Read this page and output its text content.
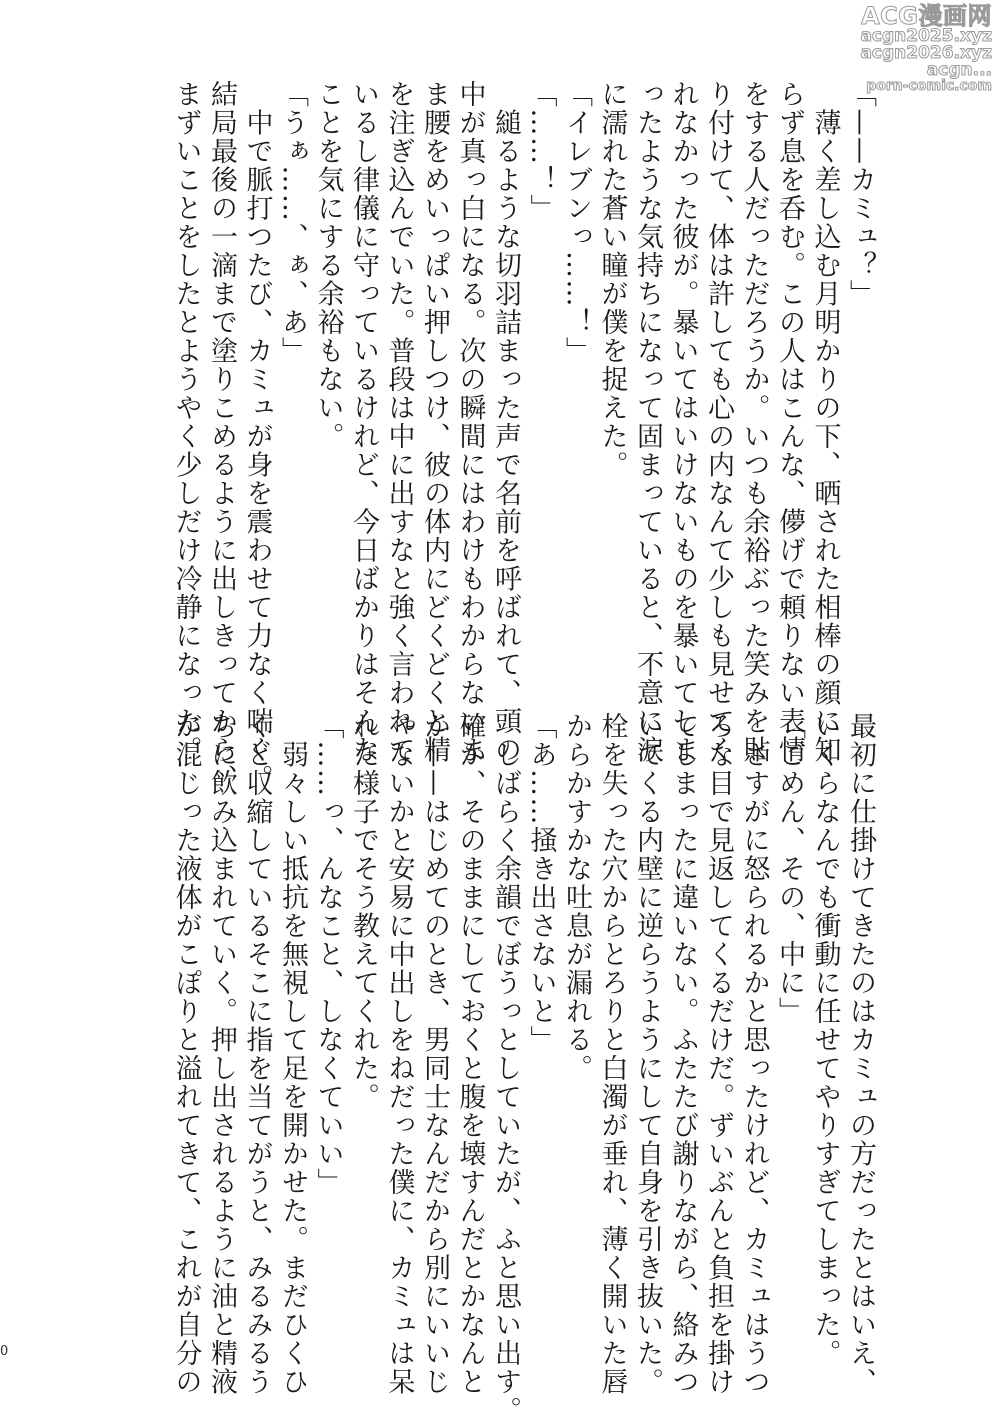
ACG漫画网
acgn2025.xyz
acgn2026.xyz
acgn...
porn-comic.com

「——カミュ？」

　薄く差し込む月明かりの下、晒された相棒の顔に知

らず息を呑む。この人はこんな、儚げで頼りない表情

をする人だっただろうか。いつも余裕ぶった笑みを貼

り付けて、体は許しても心の内なんて少しも見せてく

れなかった彼が。暴いてはいけないものを暴いてしま

ったような気持ちになって固まっていると、不意に涙

に濡れた蒼い瞳が僕を捉えた。

「イレブンっ……！」

「……！」

　縋るような切羽詰まった声で名前を呼ばれて、頭の

中が真っ白になる。次の瞬間にはわけもわからないま

ま腰をめいっぱい押しつけ、彼の体内にどくどくと精

を注ぎ込んでいた。普段は中に出すなと強く言われて

いるし律儀に守っているけれど、今日ばかりはそんな

ことを気にする余裕もない。

「うぁ……、ぁ、あ」

　中で脈打つたび、カミュが身を震わせて力なく喘ぐ。

結局最後の一滴まで塗りこめるように出しきってから、

まずいことをしたとようやく少しだけ冷静になった。

最初に仕掛けてきたのはカミュの方だったとはいえ、

いくらなんでも衝動に任せてやりすぎてしまった。

「ごめん、その、中に」

　さすがに怒られるかと思ったけれど、カミュはうつ

ろな目で見返してくるだけだ。ずいぶんと負担を掛け

てしまったに違いない。ふたたび謝りながら、絡みつ

いてくる内壁に逆らうようにして自身を引き抜いた。

栓を失った穴からとろりと白濁が垂れ、薄く開いた唇

からかすかな吐息が漏れる。

「あ……掻き出さないと」

　しばらく余韻でぼうっとしていたが、ふと思い出す。

確か、そのままにしておくと腹を壊すんだとかなんと

か——はじめてのとき、男同士なんだから別にいいじ

ゃないかと安易に中出しをねだった僕に、カミュは呆

れた様子でそう教えてくれた。

「……っ、んなこと、しなくていい」

　弱々しい抵抗を無視して足を開かせた。まだひくひ

くと収縮しているそこに指を当てがうと、みるみるう

ちに飲み込まれていく。押し出されるように油と精液

が混じった液体がこぽりと溢れてきて、これが自分の

0
